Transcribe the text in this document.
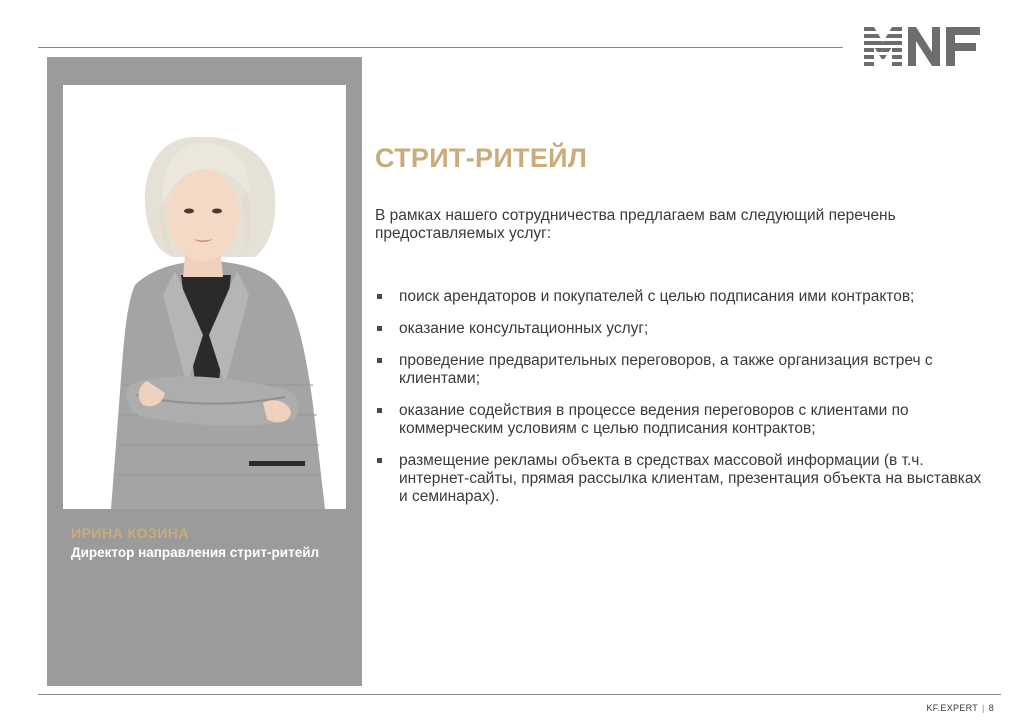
ИРИНА КОЗИНА
Директор направления стрит-ритейл
СТРИТ-РИТЕЙЛ
В рамках нашего сотрудничества предлагаем вам следующий перечень предоставляемых услуг:
поиск арендаторов и покупателей с целью подписания ими контрактов;
оказание консультационных услуг;
проведение предварительных переговоров, а также организация встреч с клиентами;
оказание содействия в процессе ведения переговоров с клиентами по коммерческим условиям с целью подписания контрактов;
размещение рекламы объекта в средствах массовой информации (в т.ч. интернет-сайты, прямая рассылка клиентам, презентация объекта на выставках и семинарах).
KF.EXPERT | 8
